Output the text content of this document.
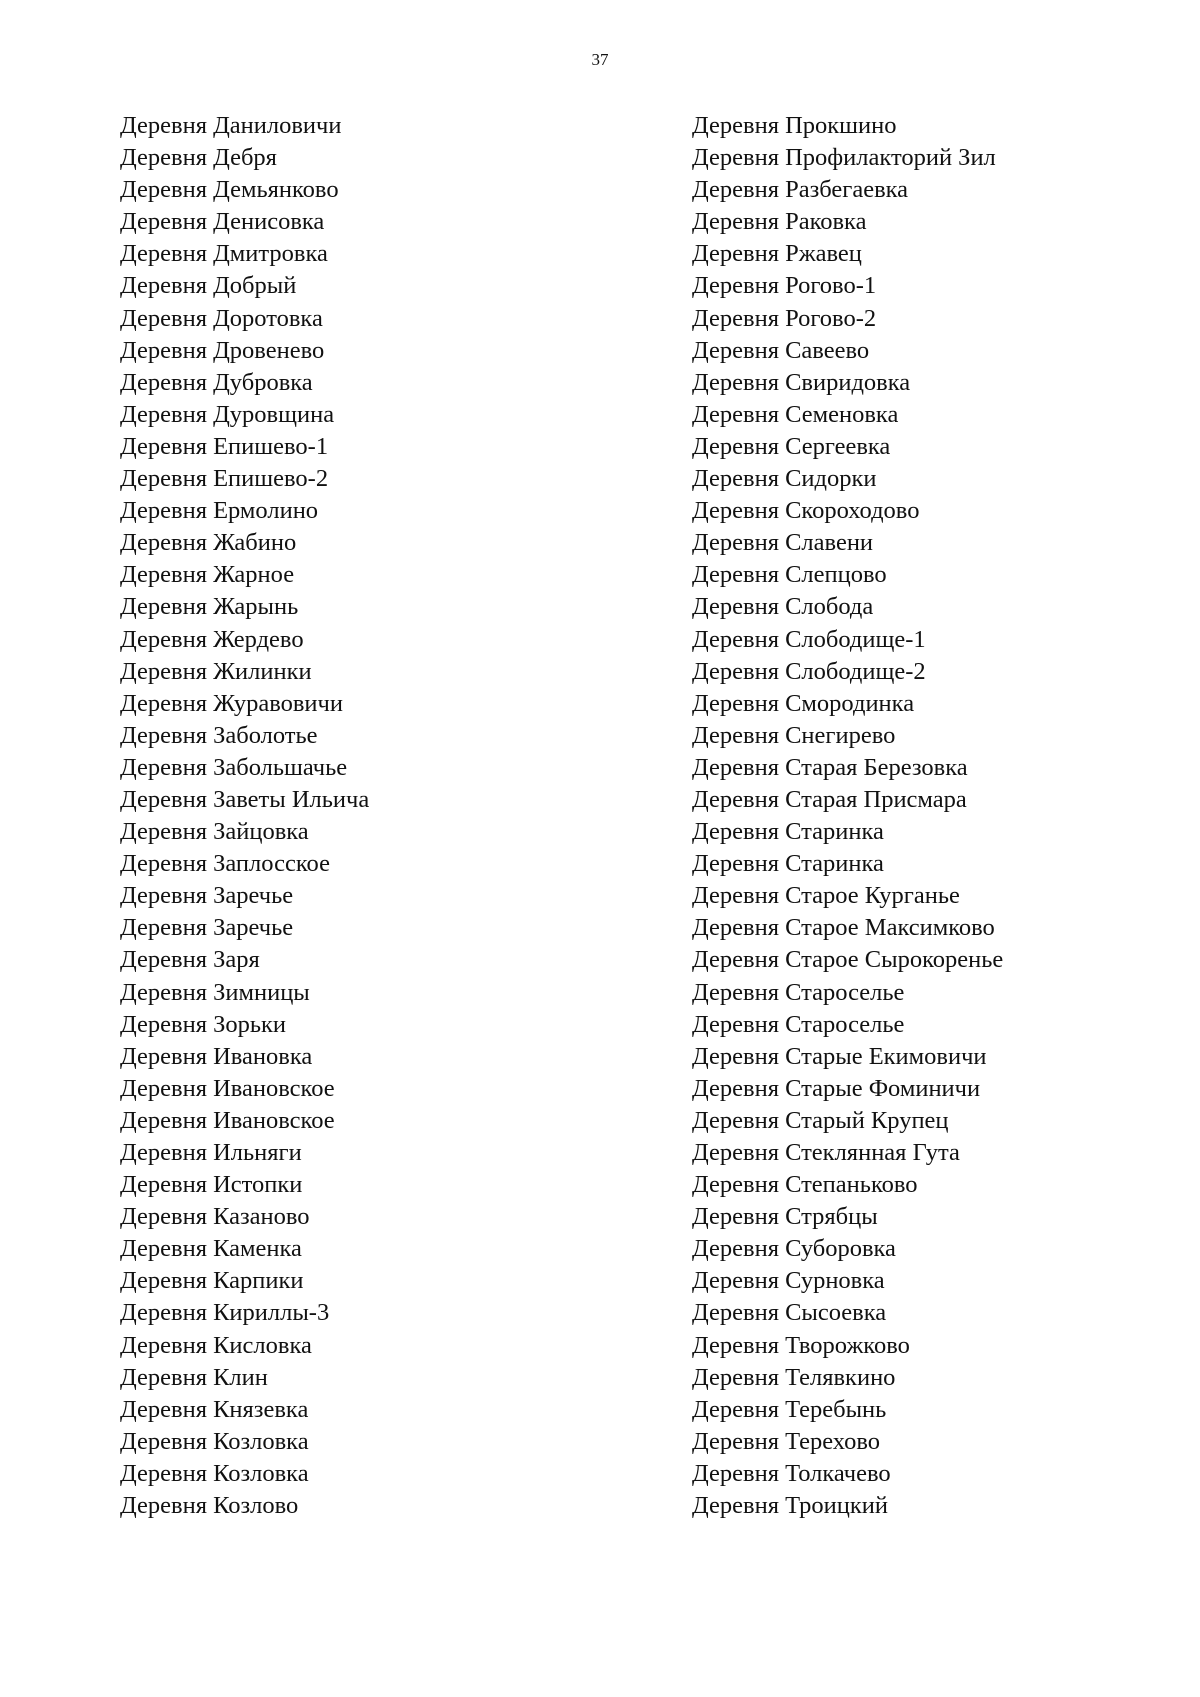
37
Деревня Даниловичи
Деревня Дебря
Деревня Демьянково
Деревня Денисовка
Деревня Дмитровка
Деревня Добрый
Деревня Доротовка
Деревня Дровенево
Деревня Дубровка
Деревня Дуровщина
Деревня Епишево-1
Деревня Епишево-2
Деревня Ермолино
Деревня Жабино
Деревня Жарное
Деревня Жарынь
Деревня Жердево
Деревня Жилинки
Деревня Журавовичи
Деревня Заболотье
Деревня Забольшачье
Деревня Заветы Ильича
Деревня Зайцовка
Деревня Заплосское
Деревня Заречье
Деревня Заречье
Деревня Заря
Деревня Зимницы
Деревня Зорьки
Деревня Ивановка
Деревня Ивановское
Деревня Ивановское
Деревня Ильняги
Деревня Истопки
Деревня Казаново
Деревня Каменка
Деревня Карпики
Деревня Кириллы-3
Деревня Кисловка
Деревня Клин
Деревня Князевка
Деревня Козловка
Деревня Козловка
Деревня Козлово
Деревня Прокшино
Деревня Профилакторий Зил
Деревня Разбегаевка
Деревня Раковка
Деревня Ржавец
Деревня Рогово-1
Деревня Рогово-2
Деревня Савеево
Деревня Свиридовка
Деревня Семеновка
Деревня Сергеевка
Деревня Сидорки
Деревня Скороходово
Деревня Славени
Деревня Слепцово
Деревня Слобода
Деревня Слободище-1
Деревня Слободище-2
Деревня Смородинка
Деревня Снегирево
Деревня Старая Березовка
Деревня Старая Присмара
Деревня Старинка
Деревня Старинка
Деревня Старое Курганье
Деревня Старое Максимково
Деревня Старое Сырокоренье
Деревня Староселье
Деревня Староселье
Деревня Старые Екимовичи
Деревня Старые Фоминичи
Деревня Старый Крупец
Деревня Стеклянная Гута
Деревня Степаньково
Деревня Стрябцы
Деревня Суборовка
Деревня Сурновка
Деревня Сысоевка
Деревня Творожково
Деревня Телявкино
Деревня Теребынь
Деревня Терехово
Деревня Толкачево
Деревня Троицкий
